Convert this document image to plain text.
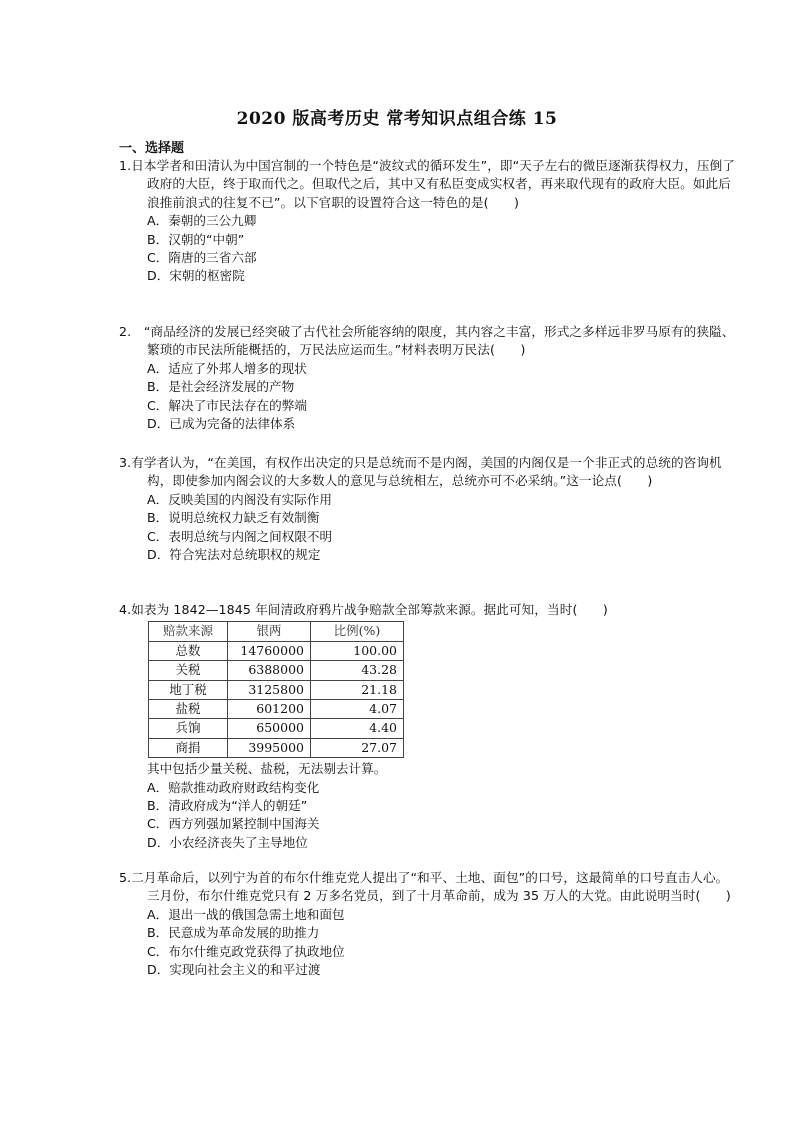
2020 版高考历史 常考知识点组合练 15
一、选择题
1.日本学者和田清认为中国宫制的一个特色是“波纹式的循环发生”，即“天子左右的微臣逐渐获得权力，压倒了政府的大臣，终于取而代之。但取代之后，其中又有私臣变成实权者，再来取代现有的政府大臣。如此后浪推前浪式的往复不已”。以下官职的设置符合这一特色的是(　　)
A．秦朝的三公九卿
B．汉朝的“中朝”
C．隋唐的三省六部
D．宋朝的枢密院
2.　“商品经济的发展已经突破了古代社会所能容纳的限度，其内容之丰富，形式之多样远非罗马原有的狭隘、繁琐的市民法所能概括的，万民法应运而生。”材料表明万民法(　　)
A．适应了外邦人增多的现状
B．是社会经济发展的产物
C．解决了市民法存在的弊端
D．已成为完备的法律体系
3.有学者认为，“在美国，有权作出决定的只是总统而不是内阁，美国的内阁仅是一个非正式的总统的咨询机构，即使参加内阁会议的大多数人的意见与总统相左，总统亦可不必采纳。”这一论点(　　)
A．反映美国的内阁没有实际作用
B．说明总统权力缺乏有效制衡
C．表明总统与内阁之间权限不明
D．符合宪法对总统职权的规定
4.如表为 1842—1845 年间清政府鸦片战争赔款全部筹款来源。据此可知，当时(　　)
赔款来源	银两	比例(%)
总数	14760000	100.00
关税	6388000	43.28
地丁税	3125800	21.18
盐税	601200	4.07
兵饷	650000	4.40
商捐	3995000	27.07
其中包括少量关税、盐税，无法剔去计算。
A．赔款推动政府财政结构变化
B．清政府成为“洋人的朝廷”
C．西方列强加紧控制中国海关
D．小农经济丧失了主导地位
5.二月革命后，以列宁为首的布尔什维克党人提出了“和平、土地、面包”的口号，这最简单的口号直击人心。三月份，布尔什维克党只有 2 万多名党员，到了十月革命前，成为 35 万人的大党。由此说明当时(　　)
A．退出一战的俄国急需土地和面包
B．民意成为革命发展的助推力
C．布尔什维克政党获得了执政地位
D．实现向社会主义的和平过渡
